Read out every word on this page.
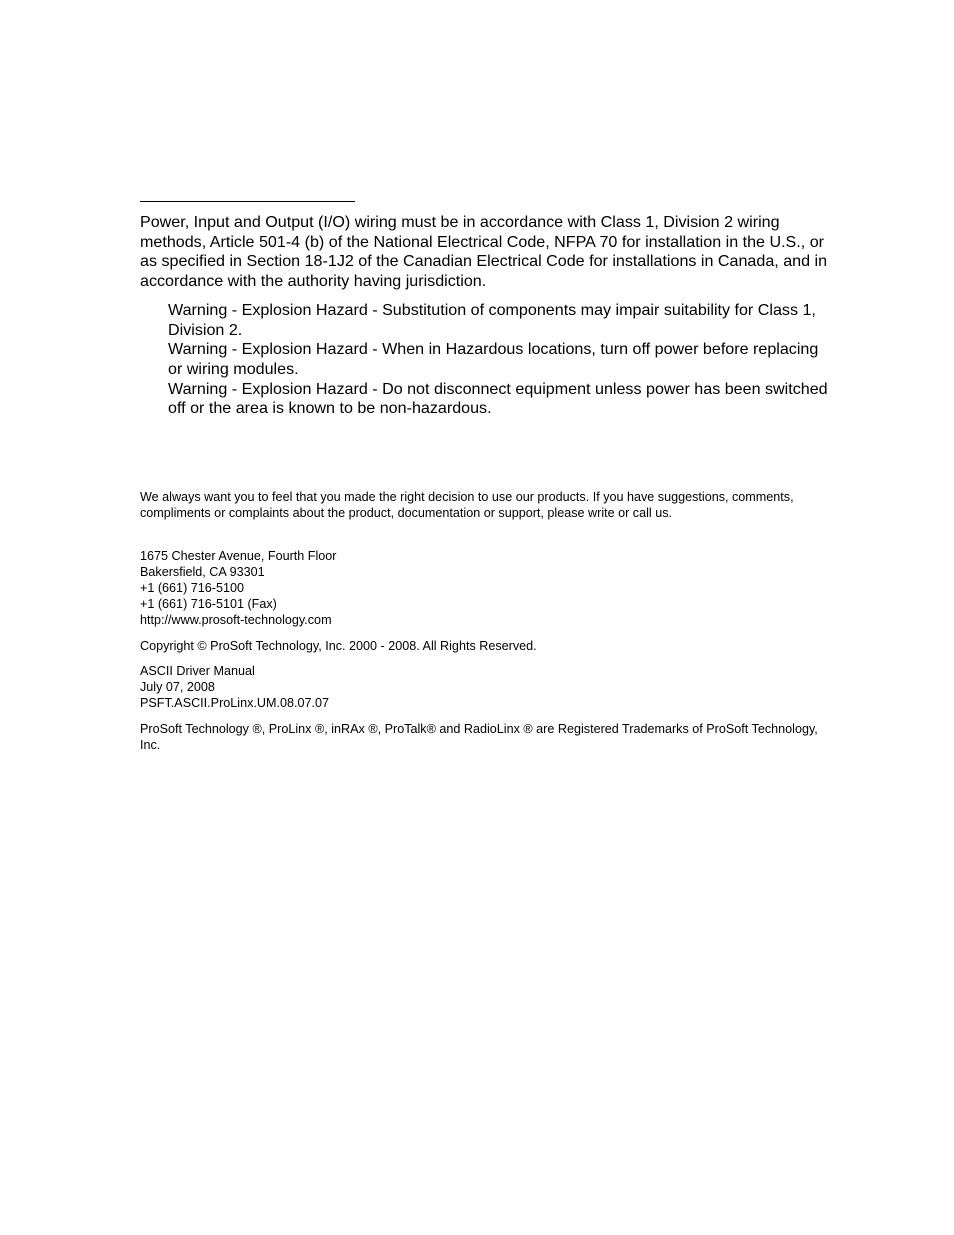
Power, Input and Output (I/O) wiring must be in accordance with Class 1, Division 2 wiring methods, Article 501-4 (b) of the National Electrical Code, NFPA 70 for installation in the U.S., or as specified in Section 18-1J2 of the Canadian Electrical Code for installations in Canada, and in accordance with the authority having jurisdiction.

Warning - Explosion Hazard - Substitution of components may impair suitability for Class 1, Division 2.

Warning - Explosion Hazard - When in Hazardous locations, turn off power before replacing or wiring modules.

Warning - Explosion Hazard - Do not disconnect equipment unless power has been switched off or the area is known to be non-hazardous.

We always want you to feel that you made the right decision to use our products. If you have suggestions, comments, compliments or complaints about the product, documentation or support, please write or call us.

1675 Chester Avenue, Fourth Floor

Bakersfield, CA 93301

+1 (661) 716-5100

+1 (661) 716-5101 (Fax)

http://www.prosoft-technology.com

Copyright © ProSoft Technology, Inc. 2000 - 2008. All Rights Reserved.

ASCII Driver Manual

July 07, 2008

PSFT.ASCII.ProLinx.UM.08.07.07

ProSoft Technology ®, ProLinx ®, inRAx ®, ProTalk® and RadioLinx ® are Registered Trademarks of ProSoft Technology, Inc.
